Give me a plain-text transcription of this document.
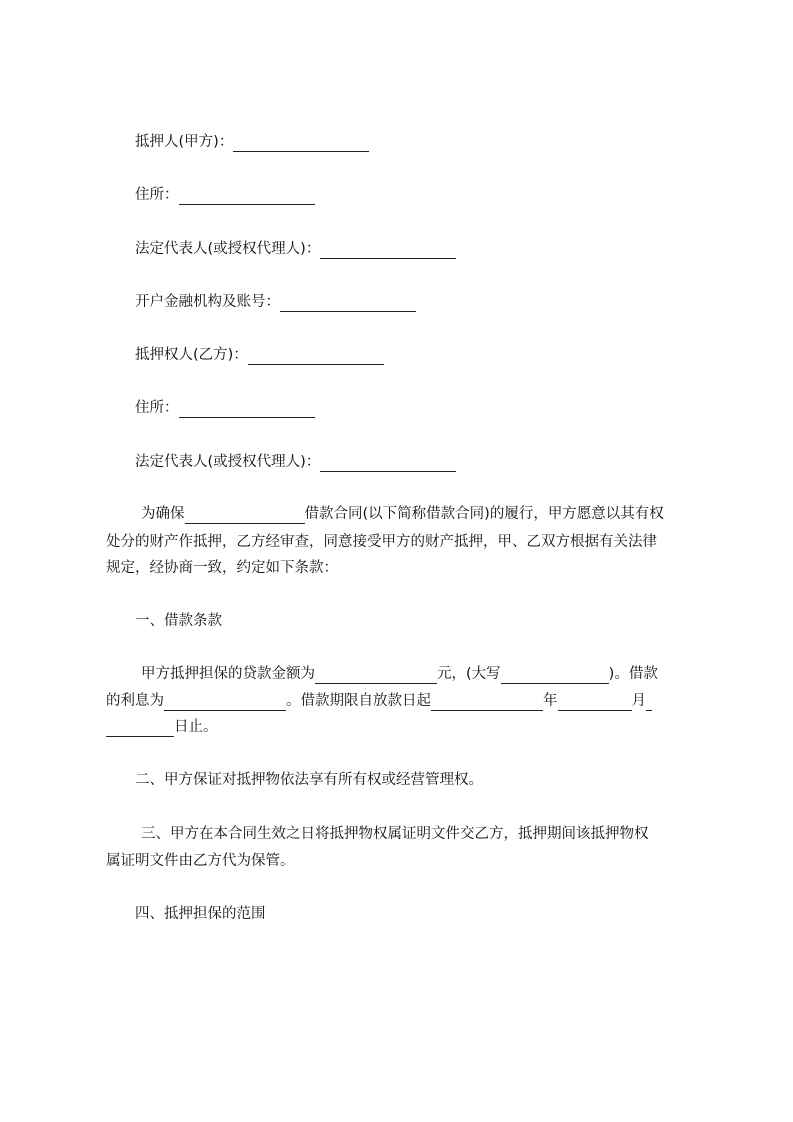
抵押人(甲方)：
住所：
法定代表人(或授权代理人)：
开户金融机构及账号：
抵押权人(乙方)：
住所：
法定代表人(或授权代理人)：
为确保	借款合同(以下简称借款合同)的履行，甲方愿意以其有权
处分的财产作抵押，乙方经审查，同意接受甲方的财产抵押，甲、乙双方根据有关法律
规定，经协商一致，约定如下条款：
一、借款条款
甲方抵押担保的贷款金额为	元，(大写	)。借款
的利息为	。借款期限自放款日起	年	月
日止。
二、甲方保证对抵押物依法享有所有权或经营管理权。
三、甲方在本合同生效之日将抵押物权属证明文件交乙方，抵押期间该抵押物权
属证明文件由乙方代为保管。
四、抵押担保的范围
